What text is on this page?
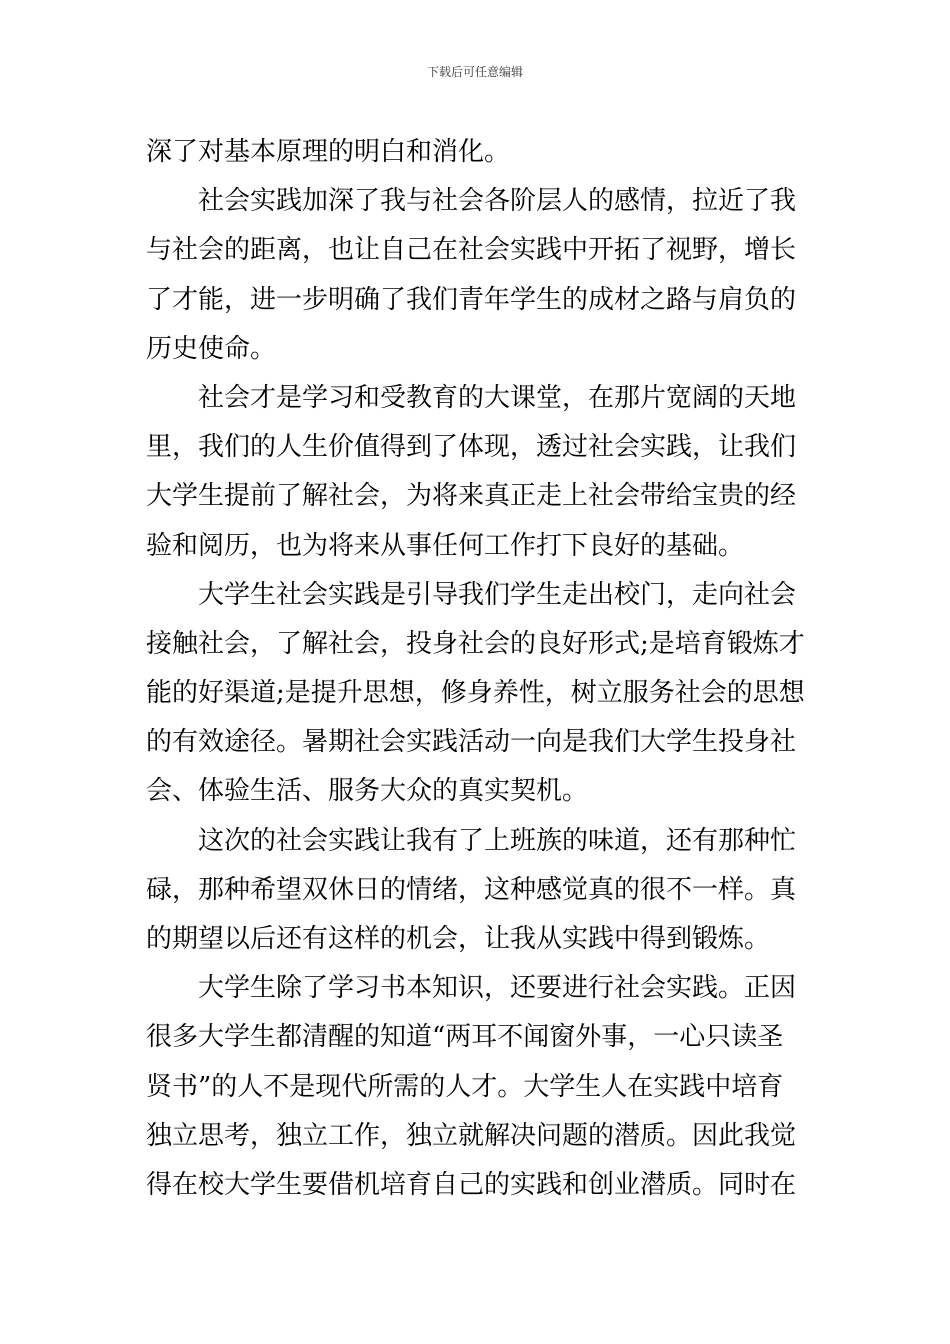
下载后可任意编辑
深了对基本原理的明白和消化。
社会实践加深了我与社会各阶层人的感情，拉近了我
与社会的距离，也让自己在社会实践中开拓了视野，增长
了才能，进一步明确了我们青年学生的成材之路与肩负的
历史使命。
社会才是学习和受教育的大课堂，在那片宽阔的天地
里，我们的人生价值得到了体现，透过社会实践，让我们
大学生提前了解社会，为将来真正走上社会带给宝贵的经
验和阅历，也为将来从事任何工作打下良好的基础。
大学生社会实践是引导我们学生走出校门，走向社会
接触社会，了解社会，投身社会的良好形式;是培育锻炼才
能的好渠道;是提升思想，修身养性，树立服务社会的思想
的有效途径。暑期社会实践活动一向是我们大学生投身社
会、体验生活、服务大众的真实契机。
这次的社会实践让我有了上班族的味道，还有那种忙
碌，那种希望双休日的情绪，这种感觉真的很不一样。真
的期望以后还有这样的机会，让我从实践中得到锻炼。
大学生除了学习书本知识，还要进行社会实践。正因
很多大学生都清醒的知道“两耳不闻窗外事，一心只读圣
贤书”的人不是现代所需的人才。大学生人在实践中培育
独立思考，独立工作，独立就解决问题的潜质。因此我觉
得在校大学生要借机培育自己的实践和创业潜质。同时在
